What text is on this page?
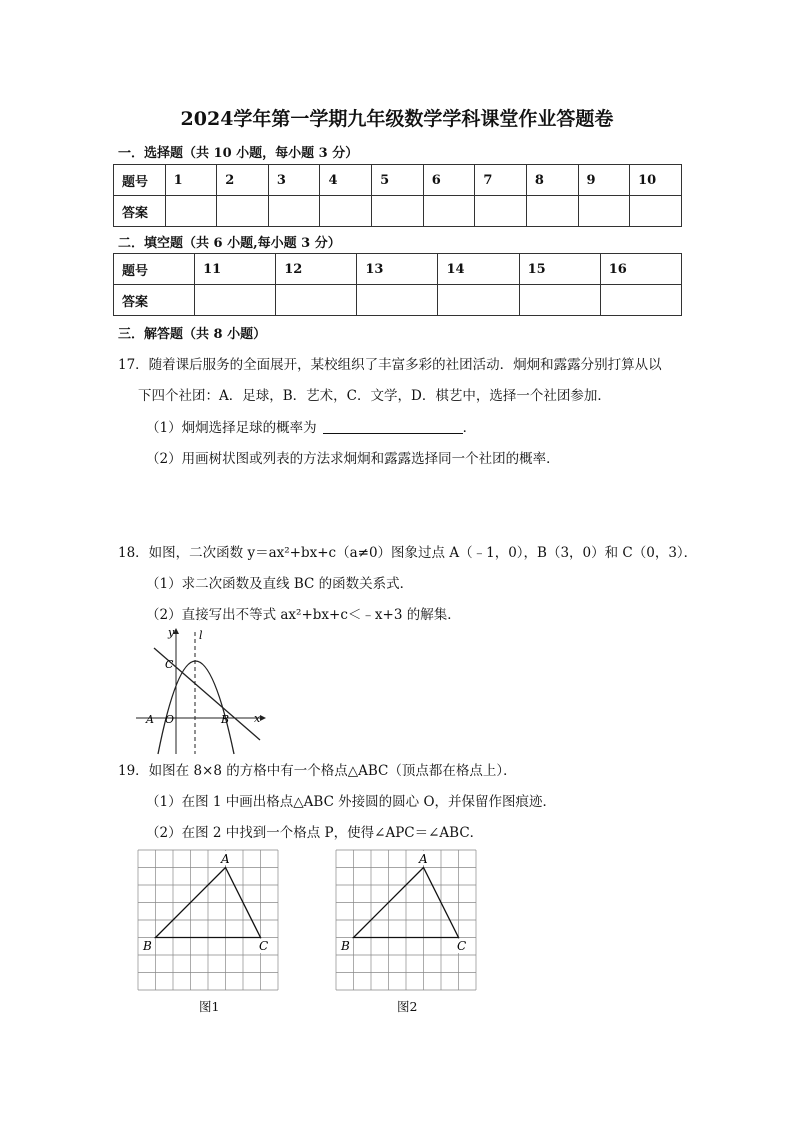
2024学年第一学期九年级数学学科课堂作业答题卷
一．选择题（共 10 小题，每小题 3 分）
题号	1	2	3	4	5	6	7	8	9	10
答案										
二．填空题（共 6 小题,每小题 3 分）
题号	11	12	13	14	15	16
答案						
三．解答题（共 8 小题）
17．随着课后服务的全面展开，某校组织了丰富多彩的社团活动．炯炯和露露分别打算从以
下四个社团：A．足球，B．艺术，C．文学，D．棋艺中，选择一个社团参加．
（1）炯炯选择足球的概率为	．
（2）用画树状图或列表的方法求炯炯和露露选择同一个社团的概率．
18．如图，二次函数 y＝ax²+bx+c（a≠0）图象过点 A（﹣1，0），B（3，0）和 C（0，3）．
（1）求二次函数及直线 BC 的函数关系式．
（2）直接写出不等式 ax²+bx+c＜﹣x+3 的解集．
y l
C
A O	B x
19．如图在 8×8 的方格中有一个格点△ABC（顶点都在格点上）．
（1）在图 1 中画出格点△ABC 外接圆的圆心 O，并保留作图痕迹．
（2）在图 2 中找到一个格点 P，使得∠APC＝∠ABC．
A
B	C
图1
A
B	C
图2
